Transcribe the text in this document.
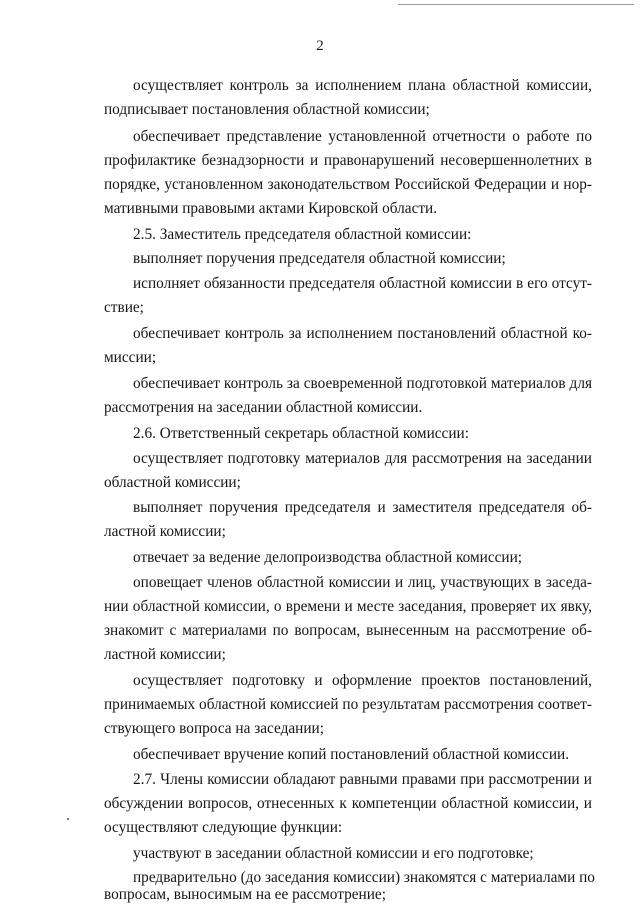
2
осуществляет контроль за исполнением плана областной комиссии,
подписывает постановления областной комиссии;
обеспечивает представление установленной отчетности о работе по
профилактике безнадзорности и правонарушений несовершеннолетних в
порядке, установленном законодательством Российской Федерации и нор-
мативными правовыми актами Кировской области.
2.5. Заместитель председателя областной комиссии:
выполняет поручения председателя областной комиссии;
исполняет обязанности председателя областной комиссии в его отсут-
ствие;
обеспечивает контроль за исполнением постановлений областной ко-
миссии;
обеспечивает контроль за своевременной подготовкой материалов для
рассмотрения на заседании областной комиссии.
2.6. Ответственный секретарь областной комиссии:
осуществляет подготовку материалов для рассмотрения на заседании
областной комиссии;
выполняет поручения председателя и заместителя председателя об-
ластной комиссии;
отвечает за ведение делопроизводства областной комиссии;
оповещает членов областной комиссии и лиц, участвующих в заседа-
нии областной комиссии, о времени и месте заседания, проверяет их явку,
знакомит с материалами по вопросам, вынесенным на рассмотрение об-
ластной комиссии;
осуществляет подготовку и оформление проектов постановлений,
принимаемых областной комиссией по результатам рассмотрения соответ-
ствующего вопроса на заседании;
обеспечивает вручение копий постановлений областной комиссии.
2.7. Члены комиссии обладают равными правами при рассмотрении и
обсуждении вопросов, отнесенных к компетенции областной комиссии, и
осуществляют следующие функции:
участвуют в заседании областной комиссии и его подготовке;
предварительно (до заседания комиссии) знакомятся с материалами по
вопросам, выносимым на ее рассмотрение;
